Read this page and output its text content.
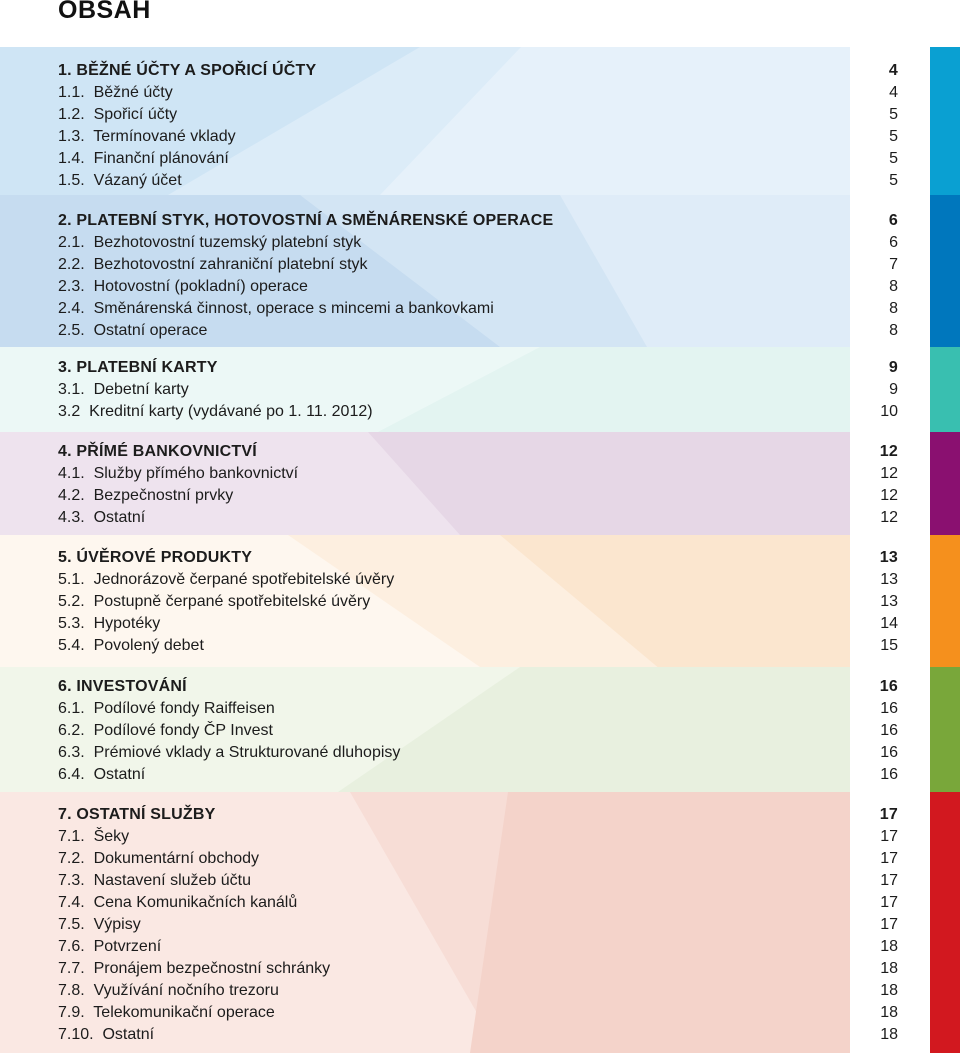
OBSAH
1. BĚŽNÉ ÚČTY A SPOŘICÍ ÚČTY	4
1.1. Běžné účty	4
1.2. Spořicí účty	5
1.3. Termínované vklady	5
1.4. Finanční plánování	5
1.5. Vázaný účet	5
2. PLATEBNÍ STYK, HOTOVOSTNÍ A SMĚNÁRENSKÉ OPERACE	6
2.1. Bezhotovostní tuzemský platební styk	6
2.2. Bezhotovostní zahraniční platební styk	7
2.3. Hotovostní (pokladní) operace	8
2.4. Směnárenská činnost, operace s mincemi a bankovkami	8
2.5. Ostatní operace	8
3. PLATEBNÍ KARTY	9
3.1. Debetní karty	9
3.2 Kreditní karty (vydávané po 1. 11. 2012)	10
4. PŘÍMÉ BANKOVNICTVÍ	12
4.1. Služby přímého bankovnictví	12
4.2. Bezpečnostní prvky	12
4.3. Ostatní	12
5. ÚVĚROVÉ PRODUKTY	13
5.1. Jednorázově čerpané spotřebitelské úvěry	13
5.2. Postupně čerpané spotřebitelské úvěry	13
5.3. Hypotéky	14
5.4. Povolený debet	15
6. INVESTOVÁNÍ	16
6.1. Podílové fondy Raiffeisen	16
6.2. Podílové fondy ČP Invest	16
6.3. Prémiové vklady a Strukturované dluhopisy	16
6.4. Ostatní	16
7. OSTATNÍ SLUŽBY	17
7.1. Šeky	17
7.2. Dokumentární obchody	17
7.3. Nastavení služeb účtu	17
7.4. Cena Komunikačních kanálů	17
7.5. Výpisy	17
7.6. Potvrzení	18
7.7. Pronájem bezpečnostní schránky	18
7.8. Využívání nočního trezoru	18
7.9. Telekomunikační operace	18
7.10. Ostatní	18
